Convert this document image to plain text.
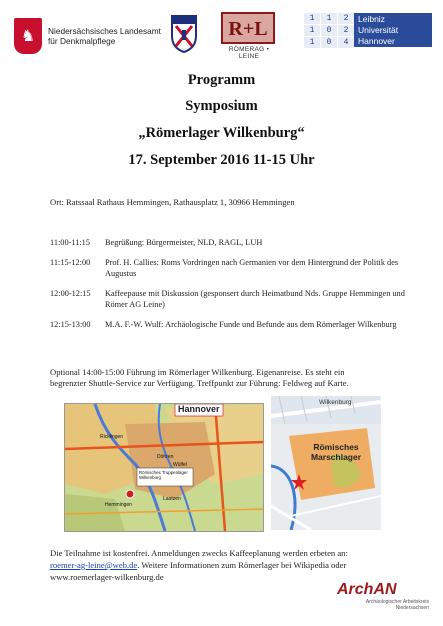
♞	Niedersächsisches Landesamt
für Denkmalpflege
R+L
RÖMERAG • LEINE
1	1	2
1	0	2
1	0	4
Leibniz
Universität
Hannover
Programm
Symposium
„Römerlager Wilkenburg“
17. September 2016 11-15 Uhr
Ort: Ratssaal Rathaus Hemmingen, Rathausplatz 1, 30966 Hemmingen
11:00-11:15	Begrüßung: Bürgermeister, NLD, RAGL, LUH
11:15-12:00	Prof. H. Callies: Roms Vordringen nach Germanien vor dem Hintergrund der Politik des Augustus
12:00-12:15	Kaffeepause mit Diskussion (gesponsert durch Heimatbund Nds. Gruppe Hemmingen und Römer AG Leine)
12:15-13:00	M.A. F.-W. Wulf: Archäologische Funde und Befunde aus dem Römerlager Wilkenburg
Optional 14:00-15:00 Führung im Römerlager Wilkenburg. Eigenanreise. Es steht ein begrenzter Shuttle-Service zur Verfügung. Treffpunkt zur Führung: Feldweg auf Karte.
Hannover
Ricklingen
Döhren
Wülfel
Laatzen
Römisches Truppenlager Wilkenburg
Hemmingen
Wilkenburg
Römisches Marschlager
Die Teilnahme ist kostenfrei. Anmeldungen zwecks Kaffeeplanung werden erbeten an:
roemer-ag-leine@web.de. Weitere Informationen zum Römerlager bei Wikipedia oder
www.roemerlager-wilkenburg.de
ArchAN
Archäologischer Arbeitskreis
Niedersachsen
